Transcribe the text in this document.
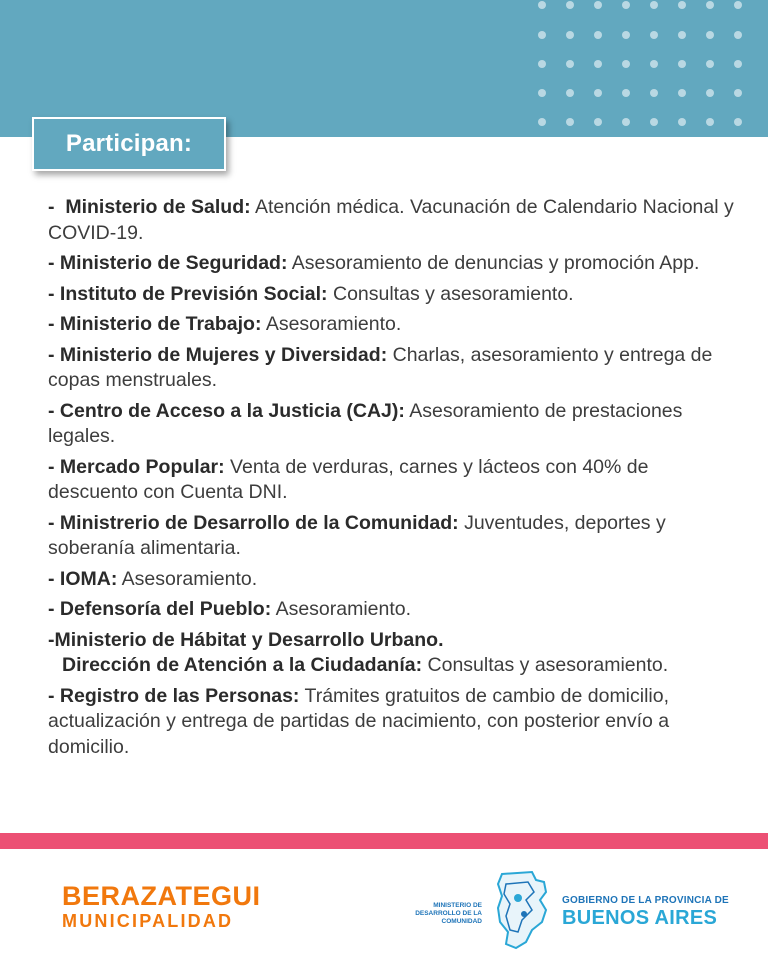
Participan:
-  Ministerio de Salud: Atención médica. Vacunación de Calendario Nacional y COVID-19.
- Ministerio de Seguridad: Asesoramiento de denuncias y promoción App.
- Instituto de Previsión Social: Consultas y asesoramiento.
- Ministerio de Trabajo: Asesoramiento.
- Ministerio de Mujeres y Diversidad: Charlas, asesoramiento y entrega de copas menstruales.
- Centro de Acceso a la Justicia (CAJ): Asesoramiento de prestaciones legales.
- Mercado Popular: Venta de verduras, carnes y lácteos con 40% de descuento con Cuenta DNI.
- Ministrerio de Desarrollo de la Comunidad: Juventudes, deportes y soberanía alimentaria.
- IOMA: Asesoramiento.
- Defensoría del Pueblo: Asesoramiento.
-Ministerio de Hábitat y Desarrollo Urbano.
Dirección de Atención a la Ciudadanía: Consultas y asesoramiento.
- Registro de las Personas: Trámites gratuitos de cambio de domicilio, actualización y entrega de partidas de nacimiento, con posterior envío a domicilio.
BERAZATEGUI
MUNICIPALIDAD
MINISTERIO DE DESARROLLO DE LA COMUNIDAD
GOBIERNO DE LA PROVINCIA DE
BUENOS AIRES
